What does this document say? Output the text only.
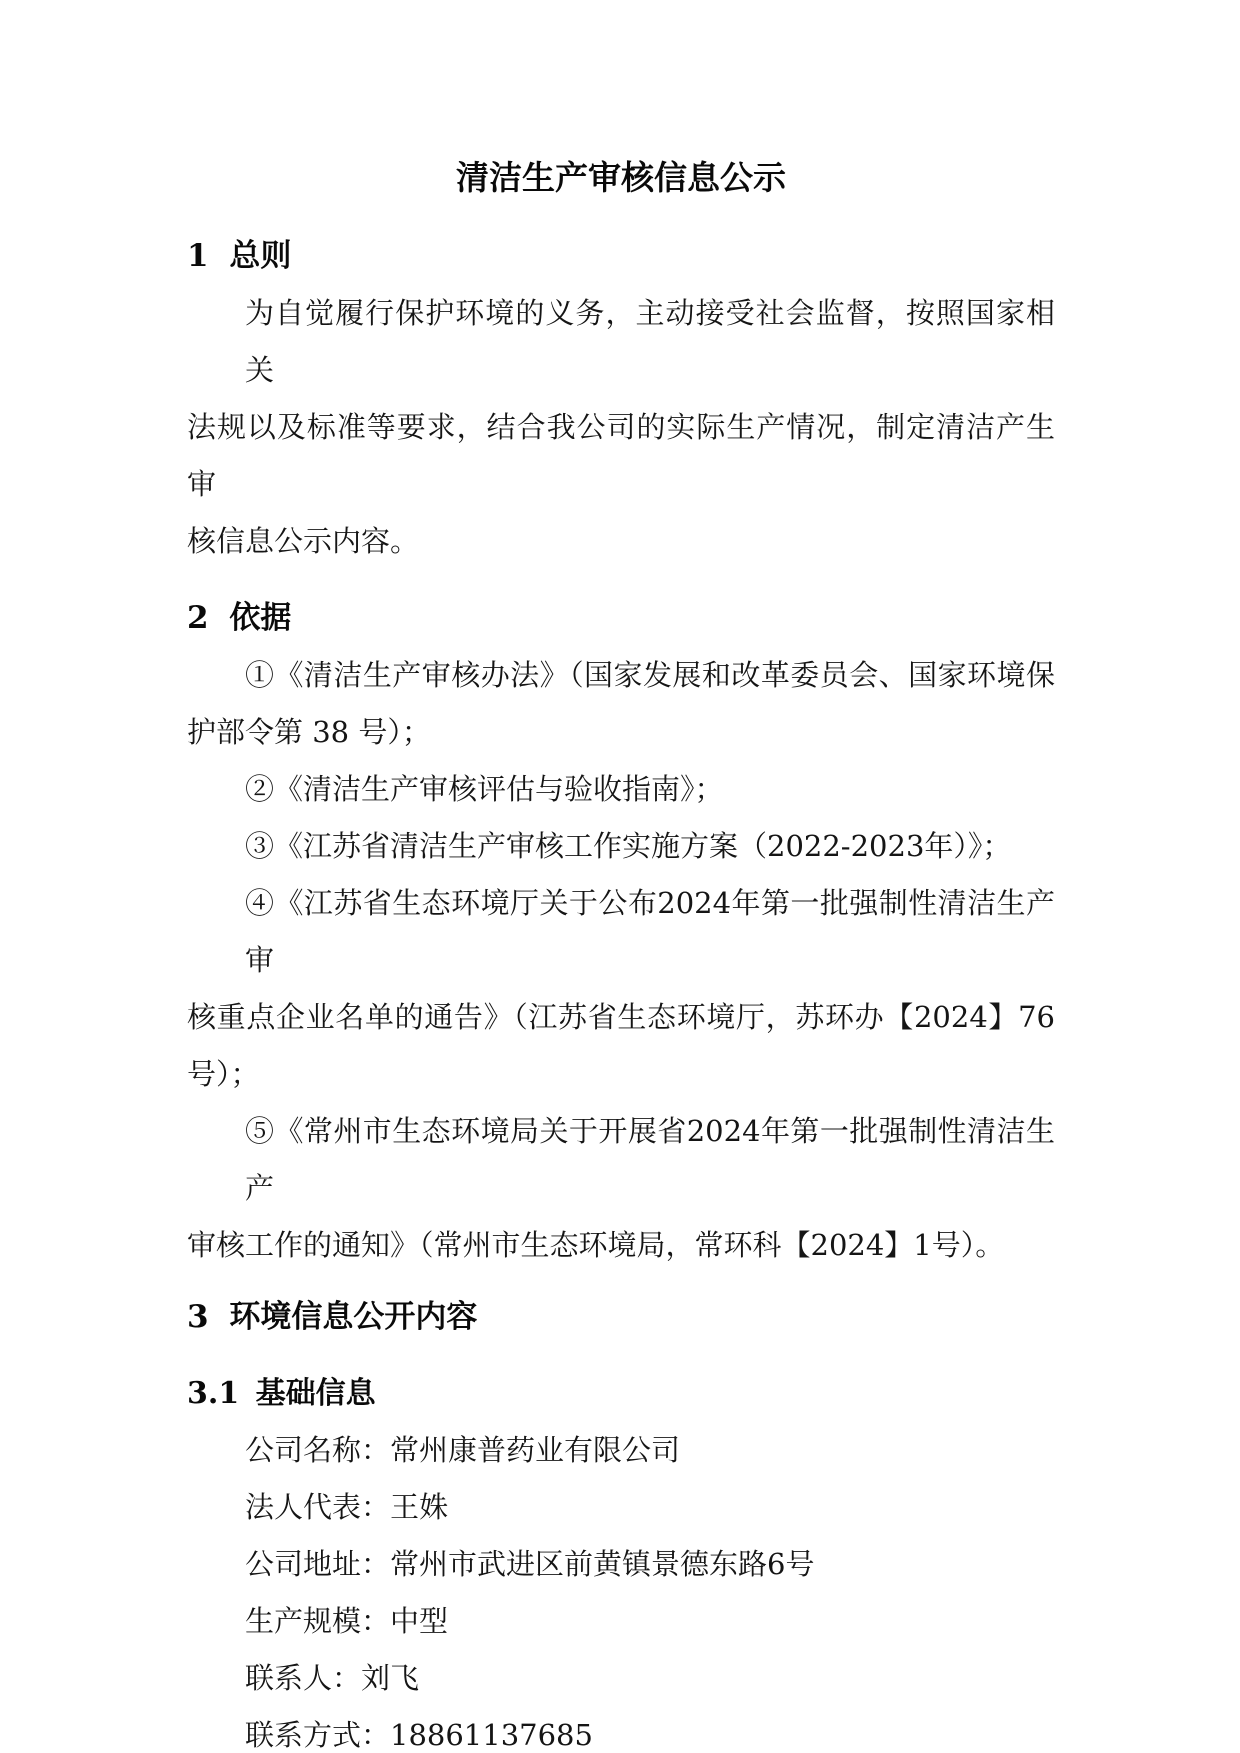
清洁生产审核信息公示
1 总则
为自觉履行保护环境的义务，主动接受社会监督，按照国家相关
法规以及标准等要求，结合我公司的实际生产情况，制定清洁产生审
核信息公示内容。
2 依据
①《清洁生产审核办法》（国家发展和改革委员会、国家环境保
护部令第 38 号）；
②《清洁生产审核评估与验收指南》；
③《江苏省清洁生产审核工作实施方案（2022-2023年）》；
④《江苏省生态环境厅关于公布2024年第一批强制性清洁生产审
核重点企业名单的通告》（江苏省生态环境厅，苏环办【2024】76
号）；
⑤《常州市生态环境局关于开展省2024年第一批强制性清洁生产
审核工作的通知》（常州市生态环境局，常环科【2024】1号）。
3 环境信息公开内容
3.1 基础信息
公司名称：常州康普药业有限公司
法人代表：王姝
公司地址：常州市武进区前黄镇景德东路6号
生产规模：中型
联系人：刘飞
联系方式：18861137685
